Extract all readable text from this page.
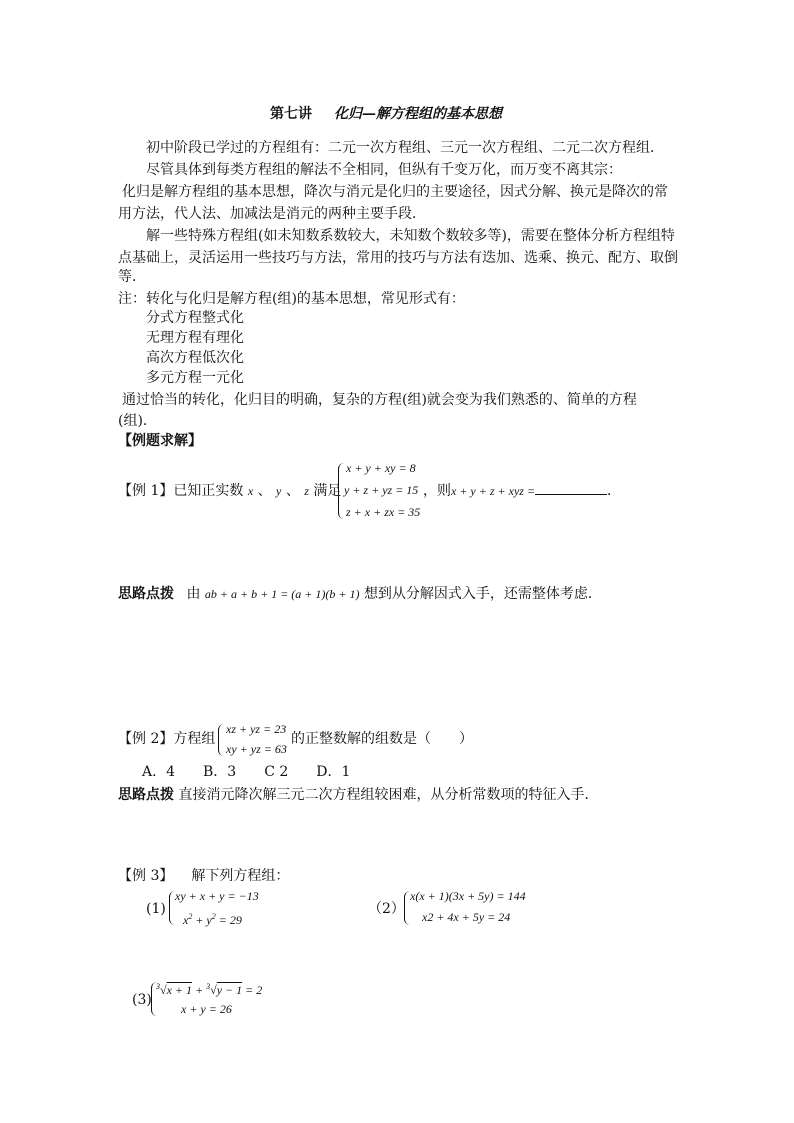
第七讲 化归—解方程组的基本思想
初中阶段已学过的方程组有：二元一次方程组、三元一次方程组、二元二次方程组．
尽管具体到每类方程组的解法不全相同，但纵有千变万化，而万变不离其宗：
化归是解方程组的基本思想，降次与消元是化归的主要途径，因式分解、换元是降次的常
用方法，代人法、加减法是消元的两种主要手段．
解一些特殊方程组(如未知数系数较大，未知数个数较多等)，需要在整体分析方程组特
点基础上，灵活运用一些技巧与方法，常用的技巧与方法有迭加、选乘、换元、配方、取倒
等．
注：转化与化归是解方程(组)的基本思想，常见形式有：
分式方程整式化
无理方程有理化
高次方程低次化
多元方程一元化
通过恰当的转化，化归目的明确，复杂的方程(组)就会变为我们熟悉的、简单的方程
(组)．
【例题求解】
【例 1】已知正实数 x 、 y 、 z 满足
x + y + xy = 8
y + z + yz = 15
z + x + zx = 35
，则x + y + z + xyz =	．
思路点拨 由 ab + a + b + 1 = (a + 1)(b + 1) 想到从分解因式入手，还需整体考虑．
【例 2】方程组
xz + yz = 23
xy + yz = 63
的正整数解的组数是（　　）
A．4　　B．3　　C 2　　D．1
思路点拨 直接消元降次解三元二次方程组较困难，从分析常数项的特征入手．
【例 3】 解下列方程组：
(1)
xy + x + y = −13
$x^2 + y^2 = 29$
（2）
x(x + 1)(3x + 5y) = 144
x2 + 4x + 5y = 24
(3)
$^3$√x + 1 + $^3$√y − 1 = 2
x + y = 26
